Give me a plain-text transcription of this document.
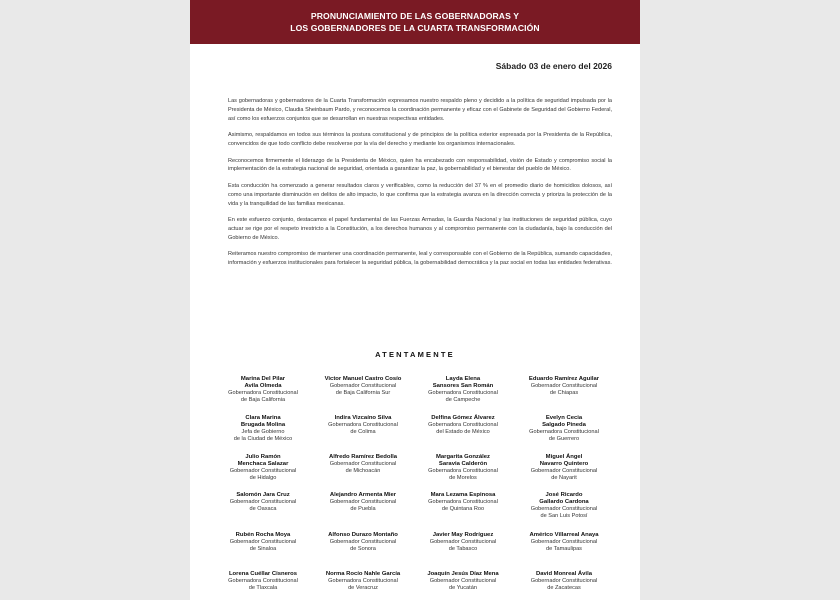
PRONUNCIAMIENTO DE LAS GOBERNADORAS Y
LOS GOBERNADORES DE LA CUARTA TRANSFORMACIÓN
Sábado 03 de enero del 2026

Las gobernadoras y gobernadores de la Cuarta Transformación expresamos nuestro respaldo pleno y decidido a la política de seguridad impulsada por la Presidenta de México, Claudia Sheinbaum Pardo, y reconocemos la coordinación permanente y eficaz con el Gabinete de Seguridad del Gobierno Federal, así como los esfuerzos conjuntos que se desarrollan en nuestras respectivas entidades.

Asimismo, respaldamos en todos sus términos la postura constitucional y de principios de la política exterior expresada por la Presidenta de la República, convencidos de que todo conflicto debe resolverse por la vía del derecho y mediante los organismos internacionales.

Reconocemos firmemente el liderazgo de la Presidenta de México, quien ha encabezado con responsabilidad, visión de Estado y compromiso social la implementación de la estrategia nacional de seguridad, orientada a garantizar la paz, la gobernabilidad y el bienestar del pueblo de México.

Esta conducción ha comenzado a generar resultados claros y verificables, como la reducción del 37 % en el promedio diario de homicidios dolosos, así como una importante disminución en delitos de alto impacto, lo que confirma que la estrategia avanza en la dirección correcta y prioriza la protección de la vida y la tranquilidad de las familias mexicanas.

En este esfuerzo conjunto, destacamos el papel fundamental de las Fuerzas Armadas, la Guardia Nacional y las instituciones de seguridad pública, cuyo actuar se rige por el respeto irrestricto a la Constitución, a los derechos humanos y al compromiso permanente con la ciudadanía, bajo la conducción del Gobierno de México.

Reiteramos nuestro compromiso de mantener una coordinación permanente, leal y corresponsable con el Gobierno de la República, sumando capacidades, información y esfuerzos institucionales para fortalecer la seguridad pública, la gobernabilidad democrática y la paz social en todas las entidades federativas.

ATENTAMENTE
Marina Del Pilar
Avila Olmeda
Gobernadora Constitucional
de Baja California
Victor Manuel Castro Cosío
Gobernador Constitucional
de Baja California Sur
Layda Elena
Sansores San Román
Gobernadora Constitucional
de Campeche
Eduardo Ramírez Aguilar
Gobernador Constitucional
de Chiapas
Clara Marina
Brugada Molina
Jefa de Gobierno
de la Ciudad de México
Indira Vizcaíno Silva
Gobernadora Constitucional
de Colima
Delfina Gómez Álvarez
Gobernadora Constitucional
del Estado de México
Evelyn Cecia
Salgado Pineda
Gobernadora Constitucional
de Guerrero
Julio Ramón
Menchaca Salazar
Gobernador Constitucional
de Hidalgo
Alfredo Ramírez Bedolla
Gobernador Constitucional
de Michoacán
Margarita González
Saravia Calderón
Gobernadora Constitucional
de Morelos
Miguel Ángel
Navarro Quintero
Gobernador Constitucional
de Nayarit
Salomón Jara Cruz
Gobernador Constitucional
de Oaxaca
Alejandro Armenta Mier
Gobernador Constitucional
de Puebla
Mara Lezama Espinosa
Gobernadora Constitucional
de Quintana Roo
José Ricardo
Gallardo Cardona
Gobernador Constitucional
de San Luis Potosí
Rubén Rocha Moya
Gobernador Constitucional
de Sinaloa
Alfonso Durazo Montaño
Gobernador Constitucional
de Sonora
Javier May Rodríguez
Gobernador Constitucional
de Tabasco
Américo Villarreal Anaya
Gobernador Constitucional
de Tamaulipas
Lorena Cuéllar Cisneros
Gobernadora Constitucional
de Tlaxcala
Norma Rocío Nahle García
Gobernadora Constitucional
de Veracruz
Joaquín Jesús Díaz Mena
Gobernador Constitucional
de Yucatán
David Monreal Ávila
Gobernador Constitucional
de Zacatecas
